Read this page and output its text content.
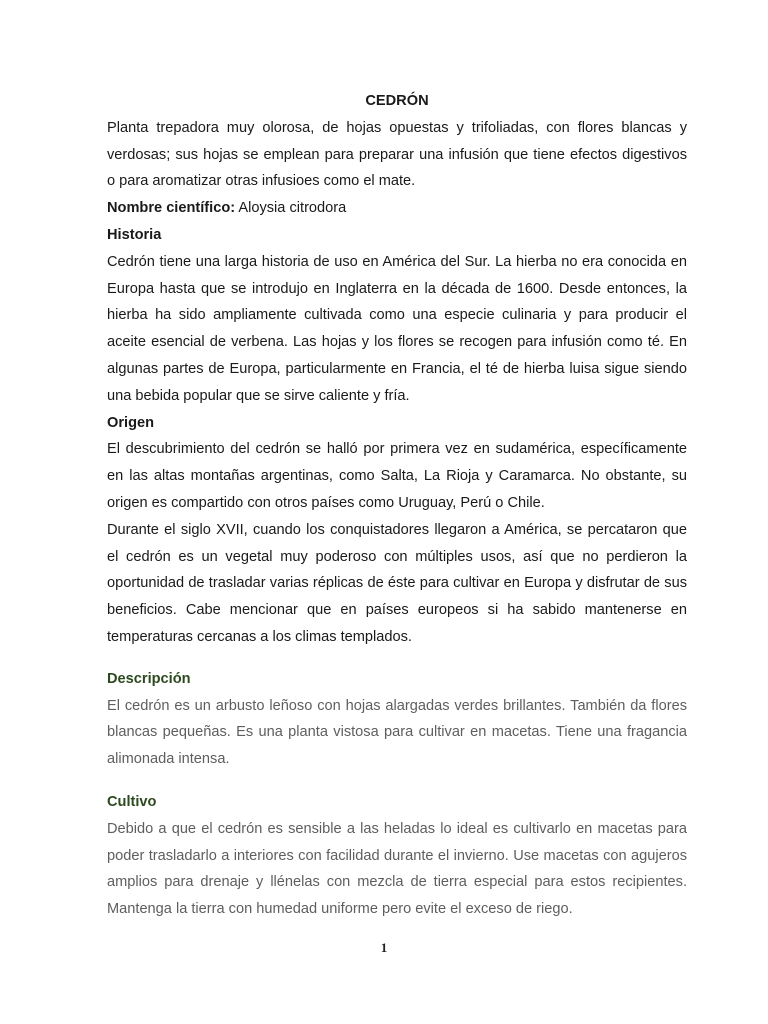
CEDRÓN

Planta trepadora muy olorosa, de hojas opuestas y trifoliadas, con flores blancas y verdosas; sus hojas se emplean para preparar una infusión que tiene efectos digestivos o para aromatizar otras infusioes como el mate.

Nombre científico: Aloysia citrodora

Historia

Cedrón tiene una larga historia de uso en América del Sur. La hierba no era conocida en Europa hasta que se introdujo en Inglaterra en la década de 1600. Desde entonces, la hierba ha sido ampliamente cultivada como una especie culinaria y para producir el aceite esencial de verbena. Las hojas y los flores se recogen para infusión como té. En algunas partes de Europa, particularmente en Francia, el té de hierba luisa sigue siendo una bebida popular que se sirve caliente y fría.

Origen

El descubrimiento del cedrón se halló por primera vez en sudamérica, específicamente en las altas montañas argentinas, como Salta, La Rioja y Caramarca. No obstante, su origen es compartido con otros países como Uruguay, Perú o Chile.

Durante el siglo XVII, cuando los conquistadores llegaron a América, se percataron que el cedrón es un vegetal muy poderoso con múltiples usos, así que no perdieron la oportunidad de trasladar varias réplicas de éste para cultivar en Europa y disfrutar de sus beneficios. Cabe mencionar que en países europeos si ha sabido mantenerse en temperaturas cercanas a los climas templados.

Descripción

El cedrón es un arbusto leñoso con hojas alargadas verdes brillantes. También da flores blancas pequeñas. Es una planta vistosa para cultivar en macetas. Tiene una fragancia alimonada intensa.

Cultivo

Debido a que el cedrón es sensible a las heladas lo ideal es cultivarlo en macetas para poder trasladarlo a interiores con facilidad durante el invierno. Use macetas con agujeros amplios para drenaje y llénelas con mezcla de tierra especial para estos recipientes. Mantenga la tierra con humedad uniforme pero evite el exceso de riego.

1
